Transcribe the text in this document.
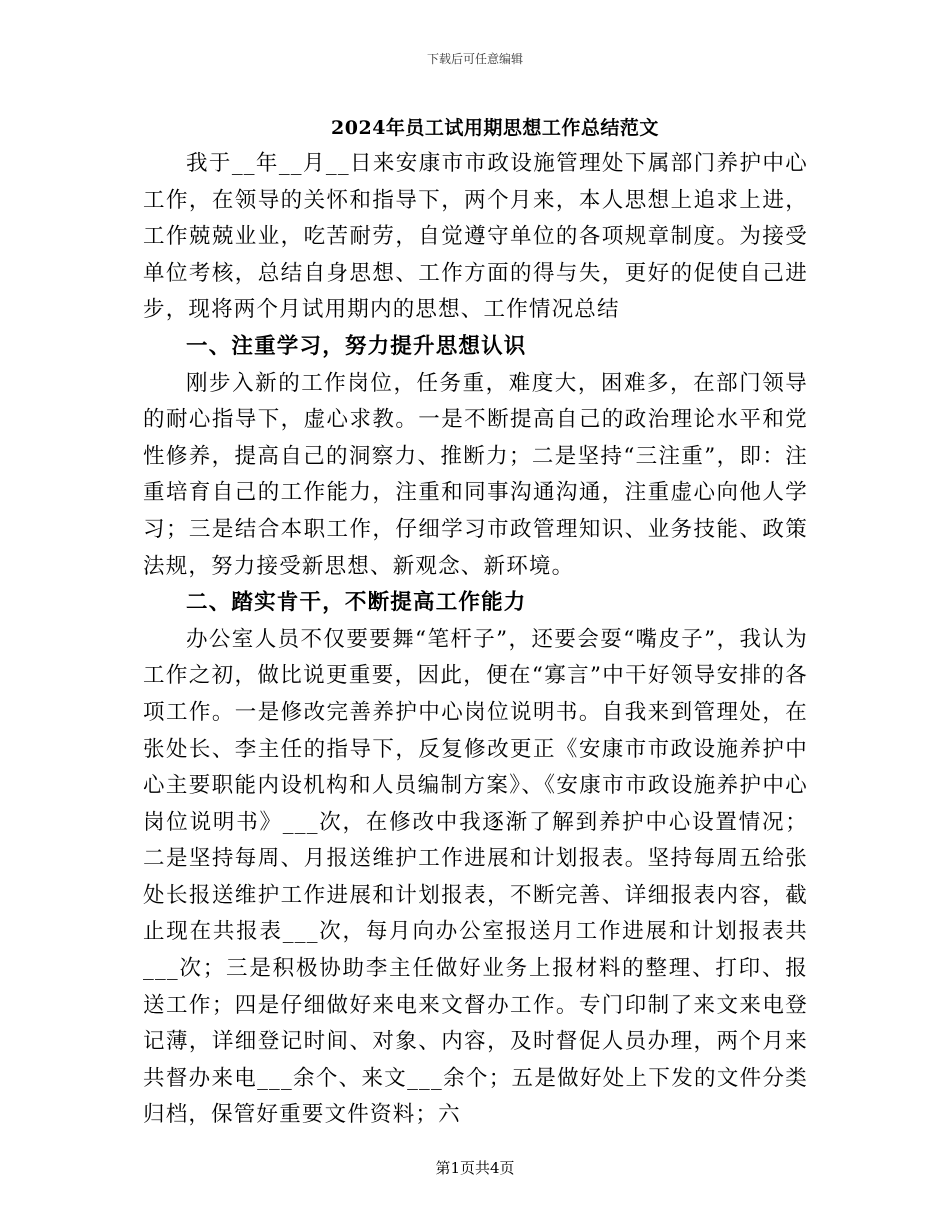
下载后可任意编辑
2024年员工试用期思想工作总结范文

我于__年__月__日来安康市市政设施管理处下属部门养护中心工作，在领导的关怀和指导下，两个月来，本人思想上追求上进，工作兢兢业业，吃苦耐劳，自觉遵守单位的各项规章制度。为接受单位考核，总结自身思想、工作方面的得与失，更好的促使自己进步，现将两个月试用期内的思想、工作情况总结

一、注重学习，努力提升思想认识

刚步入新的工作岗位，任务重，难度大，困难多，在部门领导的耐心指导下，虚心求教。一是不断提高自己的政治理论水平和党性修养，提高自己的洞察力、推断力；二是坚持“三注重”，即：注重培育自己的工作能力，注重和同事沟通沟通，注重虚心向他人学习；三是结合本职工作，仔细学习市政管理知识、业务技能、政策法规，努力接受新思想、新观念、新环境。

二、踏实肯干，不断提高工作能力

办公室人员不仅要要舞“笔杆子”，还要会耍“嘴皮子”，我认为工作之初，做比说更重要，因此，便在“寡言”中干好领导安排的各项工作。一是修改完善养护中心岗位说明书。自我来到管理处，在张处长、李主任的指导下，反复修改更正《安康市市政设施养护中心主要职能内设机构和人员编制方案》、《安康市市政设施养护中心岗位说明书》___次，在修改中我逐渐了解到养护中心设置情况；二是坚持每周、月报送维护工作进展和计划报表。坚持每周五给张处长报送维护工作进展和计划报表，不断完善、详细报表内容，截止现在共报表___次，每月向办公室报送月工作进展和计划报表共___次；三是积极协助李主任做好业务上报材料的整理、打印、报送工作；四是仔细做好来电来文督办工作。专门印制了来文来电登记薄，详细登记时间、对象、内容，及时督促人员办理，两个月来共督办来电___余个、来文___余个；五是做好处上下发的文件分类归档，保管好重要文件资料；六

第1页共4页
